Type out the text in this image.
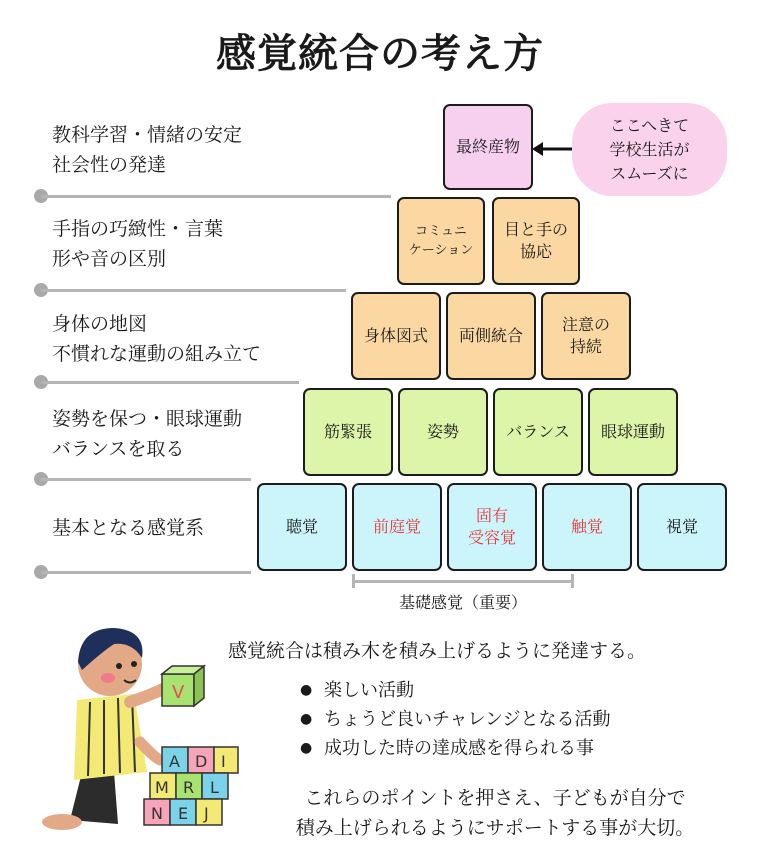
感覚統合の考え方
教科学習・情緒の安定
社会性の発達
手指の巧緻性・言葉
形や音の区別
身体の地図
不慣れな運動の組み立て
姿勢を保つ・眼球運動
バランスを取る
基本となる感覚系
最終産物
ここへきて
学校生活が
スムーズに
コミュニ
ケーション
目と手の
協応
身体図式 両側統合
注意の
持続
筋緊張	姿勢	バランス 眼球運動
聴覚	前庭覚
固有
受容覚
触覚	視覚
基礎感覚（重要）
V
A D I
M R L
N E J
感覚統合は積み木を積み上げるように発達する。
● 楽しい活動
● ちょうど良いチャレンジとなる活動
● 成功した時の達成感を得られる事
これらのポイントを押さえ、子どもが自分で
積み上げられるようにサポートする事が大切。
